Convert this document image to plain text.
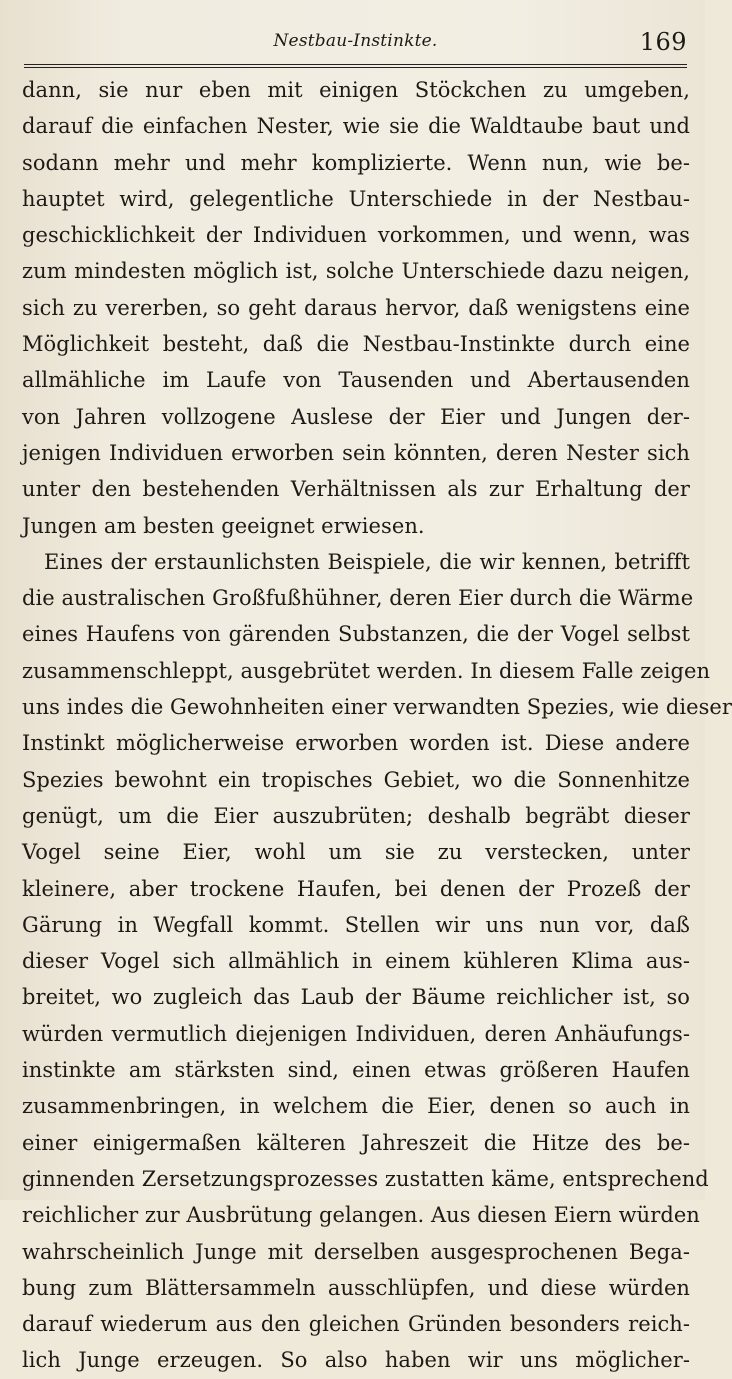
Nestbau-Instinkte.	169
dann, sie nur eben mit einigen Stöckchen zu umgeben,
darauf die einfachen Nester, wie sie die Waldtaube baut und
sodann mehr und mehr komplizierte. Wenn nun, wie be-
hauptet wird, gelegentliche Unterschiede in der Nestbau-
geschicklichkeit der Individuen vorkommen, und wenn, was
zum mindesten möglich ist, solche Unterschiede dazu neigen,
sich zu vererben, so geht daraus hervor, daß wenigstens eine
Möglichkeit besteht, daß die Nestbau-Instinkte durch eine
allmähliche im Laufe von Tausenden und Abertausenden
von Jahren vollzogene Auslese der Eier und Jungen der-
jenigen Individuen erworben sein könnten, deren Nester sich
unter den bestehenden Verhältnissen als zur Erhaltung der
Jungen am besten geeignet erwiesen.
Eines der erstaunlichsten Beispiele, die wir kennen, betrifft
die australischen Großfußhühner, deren Eier durch die Wärme
eines Haufens von gärenden Substanzen, die der Vogel selbst
zusammenschleppt, ausgebrütet werden. In diesem Falle zeigen
uns indes die Gewohnheiten einer verwandten Spezies, wie dieser
Instinkt möglicherweise erworben worden ist. Diese andere
Spezies bewohnt ein tropisches Gebiet, wo die Sonnenhitze
genügt, um die Eier auszubrüten; deshalb begräbt dieser
Vogel seine Eier, wohl um sie zu verstecken, unter
kleinere, aber trockene Haufen, bei denen der Prozeß der
Gärung in Wegfall kommt. Stellen wir uns nun vor, daß
dieser Vogel sich allmählich in einem kühleren Klima aus-
breitet, wo zugleich das Laub der Bäume reichlicher ist, so
würden vermutlich diejenigen Individuen, deren Anhäufungs-
instinkte am stärksten sind, einen etwas größeren Haufen
zusammenbringen, in welchem die Eier, denen so auch in
einer einigermaßen kälteren Jahreszeit die Hitze des be-
ginnenden Zersetzungsprozesses zustatten käme, entsprechend
reichlicher zur Ausbrütung gelangen. Aus diesen Eiern würden
wahrscheinlich Junge mit derselben ausgesprochenen Bega-
bung zum Blättersammeln ausschlüpfen, und diese würden
darauf wiederum aus den gleichen Gründen besonders reich-
lich Junge erzeugen. So also haben wir uns möglicher-
